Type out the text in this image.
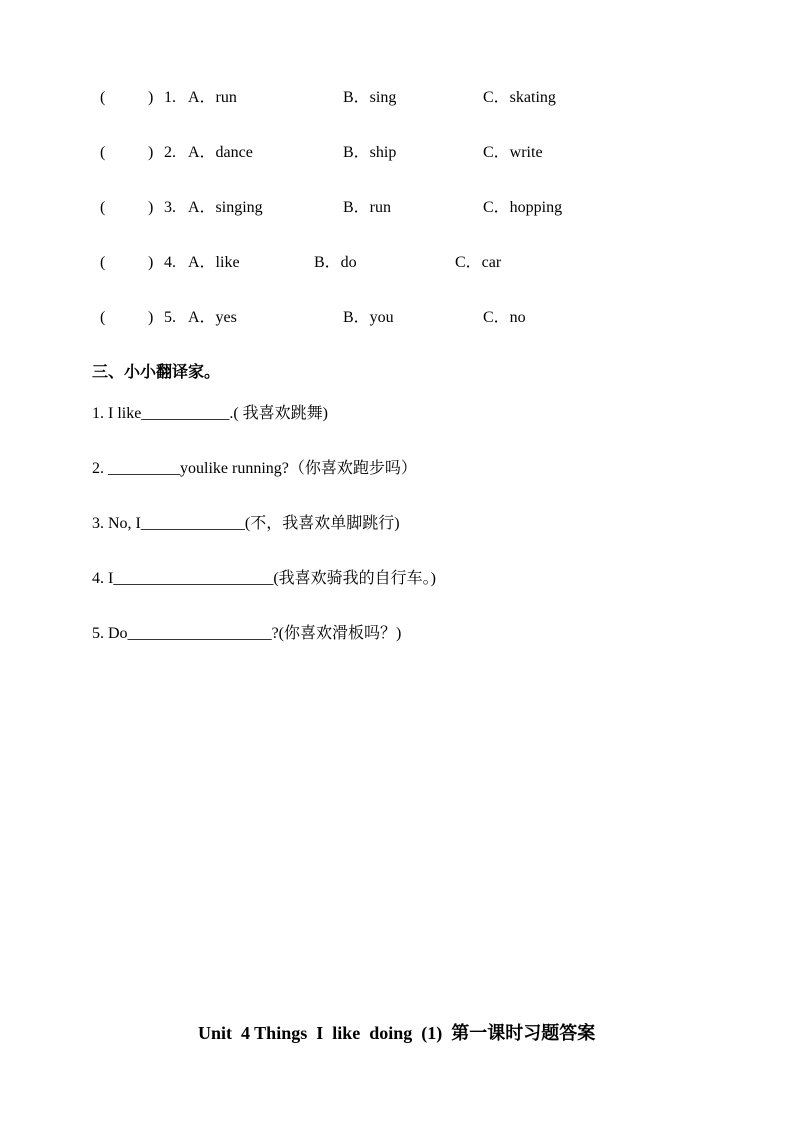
(	) 1. A．run	B．sing	C．skating
(	) 2. A．dance	B．ship	C．write
(	) 3. A．singing	B．run	C．hopping
(	) 4. A．like	B．do	C．car
(	) 5. A．yes	B．you	C．no
三、小小翻译家。
1. I like___________.( 我喜欢跳舞)
2. _________youlike running?（你喜欢跑步吗）
3. No, I_____________(不，我喜欢单脚跳行)
4. I____________________(我喜欢骑我的自行车。)
5. Do__________________?(你喜欢滑板吗？)
Unit  4 Things  I  like  doing  (1)  第一课时习题答案
